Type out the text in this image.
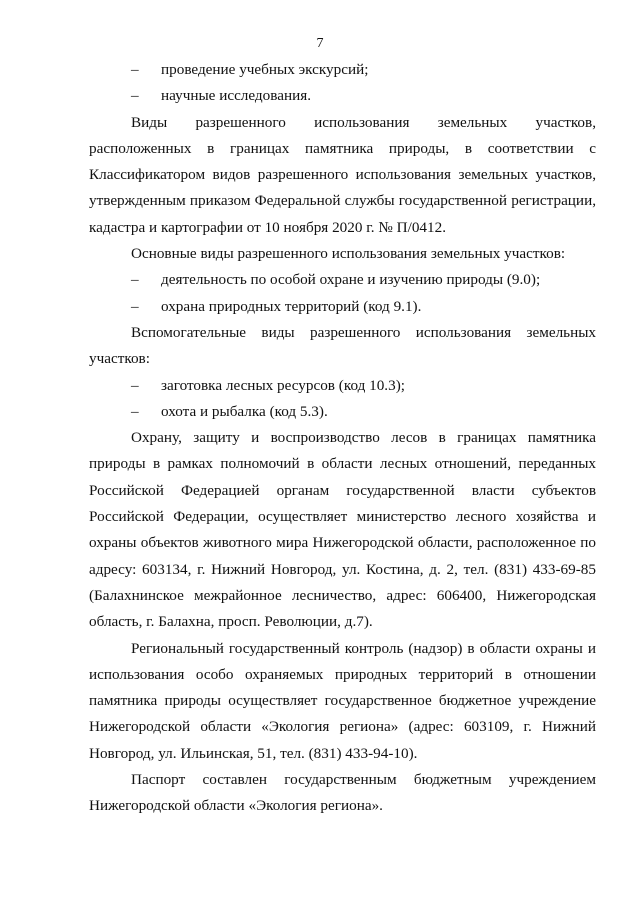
7
– проведение учебных экскурсий;
– научные исследования.

Виды разрешенного использования земельных участков, расположенных в границах памятника природы, в соответствии с Классификатором видов разрешенного использования земельных участков, утвержденным приказом Федеральной службы государственной регистрации, кадастра и картографии от 10 ноября 2020 г. № П/0412.

Основные виды разрешенного использования земельных участков:

– деятельность по особой охране и изучению природы (9.0);
– охрана природных территорий (код 9.1).

Вспомогательные виды разрешенного использования земельных участков:

– заготовка лесных ресурсов (код 10.3);
– охота и рыбалка (код 5.3).

Охрану, защиту и воспроизводство лесов в границах памятника природы в рамках полномочий в области лесных отношений, переданных Российской Федерацией органам государственной власти субъектов Российской Федерации, осуществляет министерство лесного хозяйства и охраны объектов животного мира Нижегородской области, расположенное по адресу: 603134, г. Нижний Новгород, ул. Костина, д. 2, тел. (831) 433-69-85 (Балахнинское межрайонное лесничество, адрес: 606400, Нижегородская область, г. Балахна, просп. Революции, д.7).

Региональный государственный контроль (надзор) в области охраны и использования особо охраняемых природных территорий в отношении памятника природы осуществляет государственное бюджетное учреждение Нижегородской области «Экология региона» (адрес: 603109, г. Нижний Новгород, ул. Ильинская, 51, тел. (831) 433-94-10).

Паспорт составлен государственным бюджетным учреждением Нижегородской области «Экология региона».
